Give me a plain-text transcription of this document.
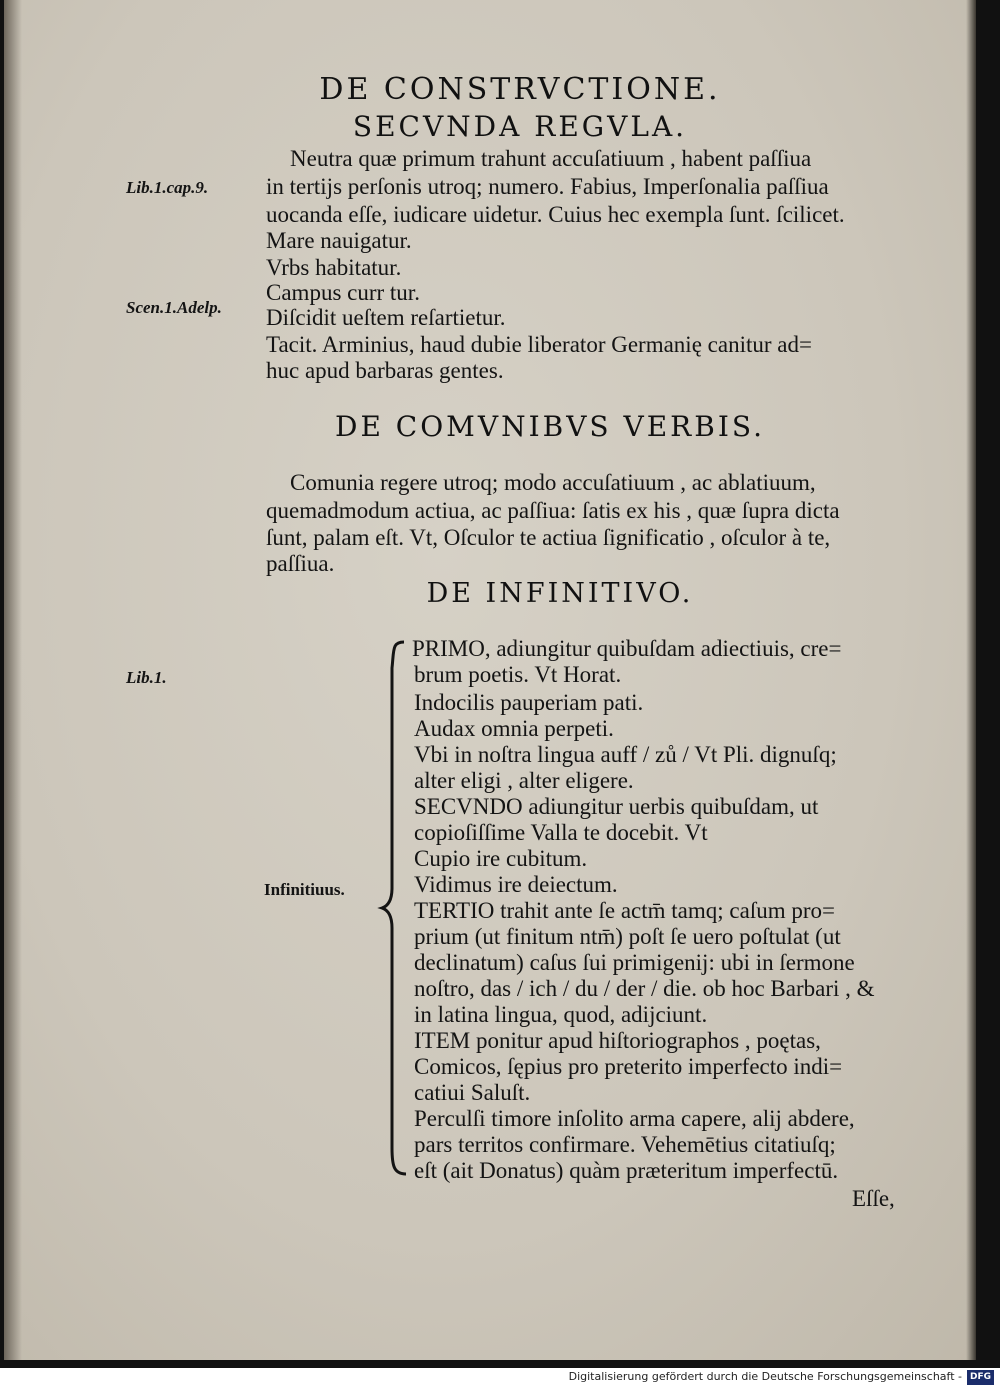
DE CONSTRVCTIONE.
SECVNDA REGVLA.
Lib.1.cap.9.
Scen.1.Adelp.
Neutra quæ primum trahunt accuſatiuum , habent paſſiua
in tertijs perſonis utroq; numero. Fabius, Imperſonalia paſſiua
uocanda eſſe, iudicare uidetur. Cuius hec exempla ſunt. ſcilicet.
Mare nauigatur.
Vrbs habitatur.
Campus curr tur.
Diſcidit ueſtem reſartietur.
Tacit. Arminius, haud dubie liberator Germanię canitur ad=
huc apud barbaras gentes.
DE COMVNIBVS VERBIS.
Comunia regere utroq; modo accuſatiuum , ac ablatiuum,
quemadmodum actiua, ac paſſiua: ſatis ex his , quæ ſupra dicta
ſunt, palam eſt. Vt, Oſculor te actiua ſignificatio , oſculor à te,
paſſiua.
DE INFINITIVO.
Lib.1.
Infinitiuus.
PRIMO, adiungitur quibuſdam adiectiuis, cre=
brum poetis. Vt Horat.
Indocilis pauperiam pati.
Audax omnia perpeti.
Vbi in noſtra lingua auff / zů / Vt Pli. dignuſq;
alter eligi , alter eligere.
SECVNDO adiungitur uerbis quibuſdam, ut
copioſiſſime Valla te docebit. Vt
Cupio ire cubitum.
Vidimus ire deiectum.
TERTIO trahit ante ſe actm̄ tamq; caſum pro=
prium (ut finitum ntm̄) poſt ſe uero poſtulat (ut
declinatum) caſus ſui primigenij: ubi in ſermone
noſtro, das / ich / du / der / die. ob hoc Barbari , &
in latina lingua, quod, adijciunt.
ITEM ponitur apud hiſtoriographos , poętas,
Comicos, ſępius pro preterito imperfecto indi=
catiui Saluſt.
Perculſi timore inſolito arma capere, alij abdere,
pars territos confirmare. Vehemētius citatiuſq;
eſt (ait Donatus) quàm præteritum imperfectū.
Eſſe,
Digitalisierung gefördert durch die Deutsche Forschungsgemeinschaft - DFG
